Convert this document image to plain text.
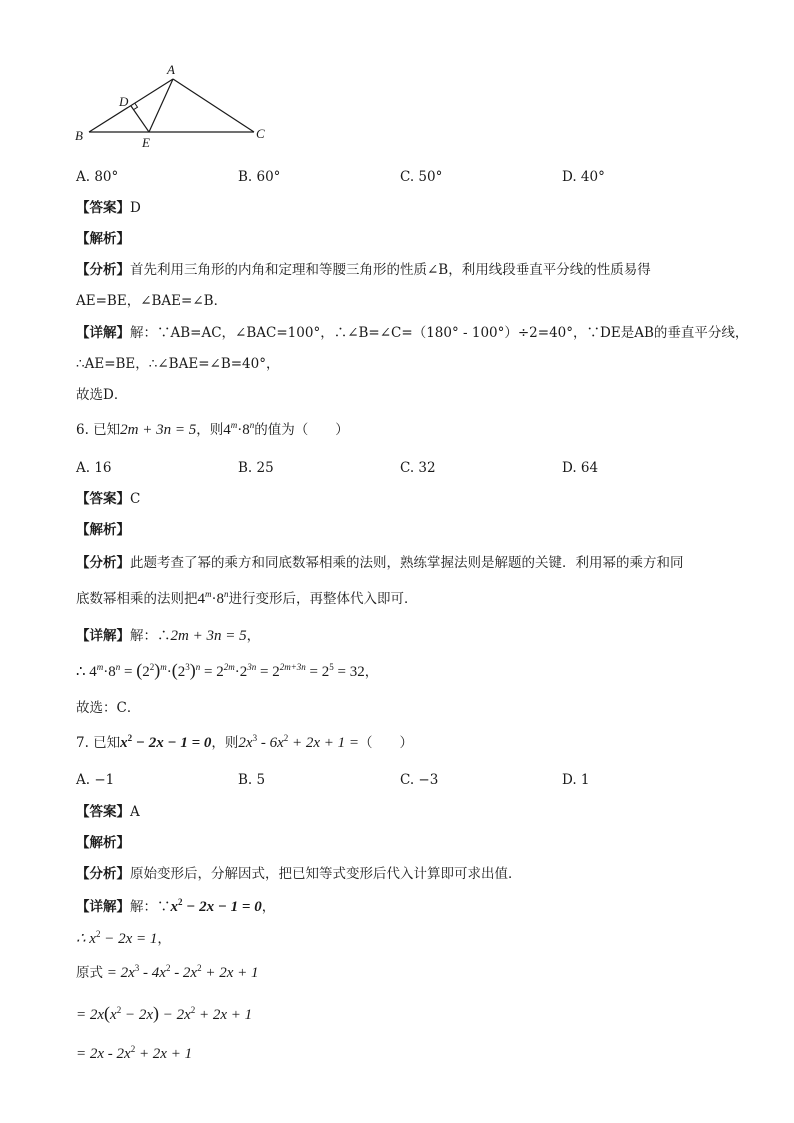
A
B	C
D
E
A. 80°	B. 60°	C. 50°	D. 40°
【答案】D
【解析】
【分析】首先利用三角形的内角和定理和等腰三角形的性质∠B，利用线段垂直平分线的性质易得
AE=BE，∠BAE=∠B．
【详解】解：∵AB=AC，∠BAC=100°，∴∠B=∠C=（180° - 100°）÷2=40°，∵DE是AB的垂直平分线，
∴AE=BE，∴∠BAE=∠B=40°，
故选D．
6. 已知2m + 3n = 5，则$4^m\cdot 8^n$的值为（　　）
A. 16	B. 25	C. 32	D. 64
【答案】C
【解析】
【分析】此题考查了幂的乘方和同底数幂相乘的法则，熟练掌握法则是解题的关键．利用幂的乘方和同
底数幂相乘的法则把$4^m\cdot 8^n$进行变形后，再整体代入即可．
【详解】解：∴2m + 3n = 5，
∴ $4^m\cdot 8^n = (2^2)^m\cdot(2^3)^n = 2^{2m}\cdot 2^{3n} = 2^{2m+3n} = 2^5 = 32$，
故选：C．
7. 已知$x^2 - 2x - 1 = 0$，则$2x^3 - 6x^2 + 2x + 1$ =（　　）
A. −1	B. 5	C. −3	D. 1
【答案】A
【解析】
【分析】原始变形后，分解因式，把已知等式变形后代入计算即可求出值．
【详解】解：$\because x^2 - 2x - 1 = 0$，
∴ $x^2 - 2x = 1$，
原式 = $2x^3 - 4x^2 - 2x^2 + 2x + 1$
= $2x(x^2 - 2x) - 2x^2 + 2x + 1$
= $2x - 2x^2 + 2x + 1$
